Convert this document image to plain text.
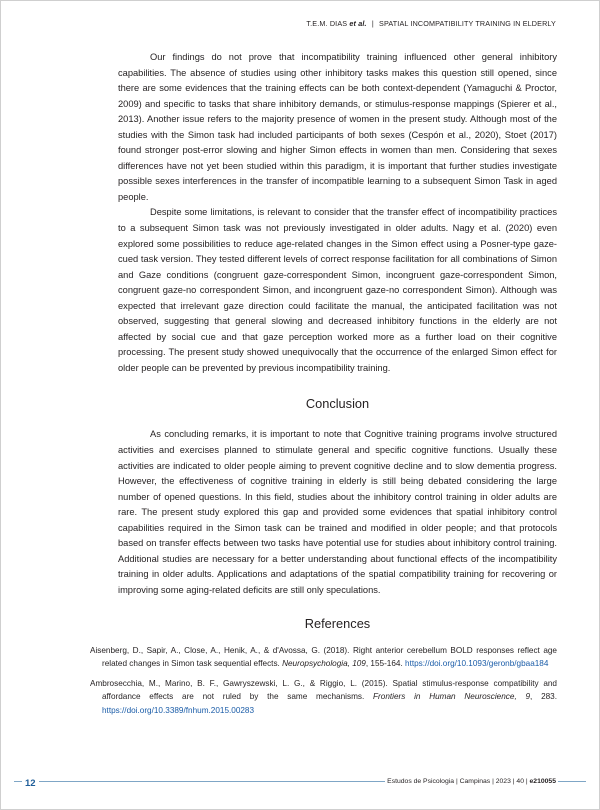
T.E.M. DIAS et al. | SPATIAL INCOMPATIBILITY TRAINING IN ELDERLY

Our findings do not prove that incompatibility training influenced other general inhibitory capabilities. The absence of studies using other inhibitory tasks makes this question still opened, since there are some evidences that the training effects can be both context-dependent (Yamaguchi & Proctor, 2009) and specific to tasks that share inhibitory demands, or stimulus-response mappings (Spierer et al., 2013). Another issue refers to the majority presence of women in the present study. Although most of the studies with the Simon task had included participants of both sexes (Cespón et al., 2020), Stoet (2017) found stronger post-error slowing and higher Simon effects in women than men. Considering that sexes differences have not yet been studied within this paradigm, it is important that further studies investigate possible sexes interferences in the transfer of incompatible learning to a subsequent Simon Task in aged people.

Despite some limitations, is relevant to consider that the transfer effect of incompatibility practices to a subsequent Simon task was not previously investigated in older adults. Nagy et al. (2020) even explored some possibilities to reduce age-related changes in the Simon effect using a Posner-type gaze-cued task version. They tested different levels of correct response facilitation for all combinations of Simon and Gaze conditions (congruent gaze-correspondent Simon, incongruent gaze-correspondent Simon, congruent gaze-no correspondent Simon, and incongruent gaze-no correspondent Simon). Although was expected that irrelevant gaze direction could facilitate the manual, the anticipated facilitation was not observed, suggesting that general slowing and decreased inhibitory functions in the elderly are not affected by social cue and that gaze perception worked more as a further load on their cognitive processing. The present study showed unequivocally that the occurrence of the enlarged Simon effect for older people can be prevented by previous incompatibility training.

Conclusion

As concluding remarks, it is important to note that Cognitive training programs involve structured activities and exercises planned to stimulate general and specific cognitive functions. Usually these activities are indicated to older people aiming to prevent cognitive decline and to slow dementia progress. However, the effectiveness of cognitive training in elderly is still being debated considering the large number of opened questions. In this field, studies about the inhibitory control training in older adults are rare. The present study explored this gap and provided some evidences that spatial inhibitory control capabilities required in the Simon task can be trained and modified in older people; and that protocols based on transfer effects between two tasks have potential use for studies about inhibitory control training. Additional studies are necessary for a better understanding about functional effects of the incompatibility training in older adults. Applications and adaptations of the spatial compatibility training for recovering or improving some aging-related deficits are still only speculations.

References

Aisenberg, D., Sapir, A., Close, A., Henik, A., & d'Avossa, G. (2018). Right anterior cerebellum BOLD responses reflect age related changes in Simon task sequential effects. Neuropsychologia, 109, 155-164. https://doi.org/10.1093/geronb/gbaa184

Ambrosecchia, M., Marino, B. F., Gawryszewski, L. G., & Riggio, L. (2015). Spatial stimulus-response compatibility and affordance effects are not ruled by the same mechanisms. Frontiers in Human Neuroscience, 9, 283. https://doi.org/10.3389/fnhum.2015.00283

12	Estudos de Psicologia | Campinas | 2023 | 40 | e210055
